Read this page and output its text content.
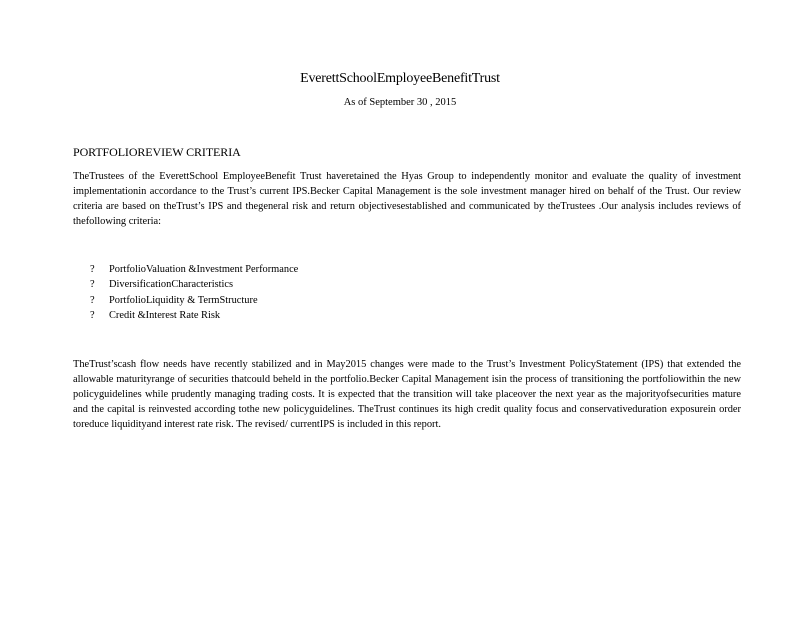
EverettSchoolEmployeeBenefitTrust
As of September 30 , 2015
PORTFOLIOREVIEW CRITERIA
TheTrustees of the EverettSchool EmployeeBenefit Trust haveretained the Hyas Group to independently monitor and evaluate the quality of investment implementationin accordance to the Trust’s current IPS.Becker Capital Management is the sole investment manager hired on behalf of the Trust. Our review criteria are based on theTrust’s IPS and thegeneral risk and return objectivesestablished and communicated by theTrustees .Our analysis includes reviews of thefollowing criteria:
?	PortfolioValuation &Investment Performance
?	DiversificationCharacteristics
?	PortfolioLiquidity & TermStructure
?	Credit &Interest Rate Risk
TheTrust’scash flow needs have recently stabilized and in May2015 changes were made to the Trust’s Investment PolicyStatement (IPS) that extended the allowable maturityrange of securities thatcould beheld in the portfolio.Becker Capital Management isin the process of transitioning the portfoliowithin the new policyguidelines while prudently managing trading costs. It is expected that the transition will take placeover the next year as the majorityofsecurities mature and the capital is reinvested according tothe new policyguidelines. TheTrust continues its high credit quality focus and conservativeduration exposurein order toreduce liquidityand interest rate risk. The revised/ currentIPS is included in this report.
